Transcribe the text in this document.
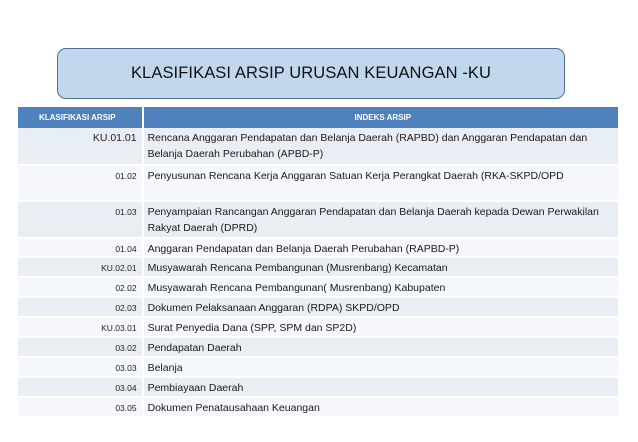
KLASIFIKASI ARSIP URUSAN KEUANGAN -KU
KLASIFIKASI ARSIP	INDEKS ARSIP
KU.01.01	Rencana Anggaran Pendapatan dan Belanja Daerah (RAPBD) dan Anggaran Pendapatan dan Belanja Daerah Perubahan (APBD-P)
01.02	Penyusunan Rencana Kerja Anggaran Satuan Kerja Perangkat Daerah (RKA-SKPD/OPD
01.03	Penyampaian Rancangan Anggaran Pendapatan dan Belanja Daerah kepada Dewan Perwakilan Rakyat Daerah (DPRD)
01.04	Anggaran Pendapatan dan Belanja Daerah Perubahan (RAPBD-P)
KU.02.01	Musyawarah Rencana Pembangunan (Musrenbang) Kecamatan
02.02	Musyawarah Rencana Pembangunan( Musrenbang) Kabupaten
02.03	Dokumen Pelaksanaan Anggaran (RDPA) SKPD/OPD
KU.03.01	Surat Penyedia Dana (SPP, SPM dan SP2D)
03.02	Pendapatan Daerah
03.03	Belanja
03.04	Pembiayaan Daerah
03.05	Dokumen Penatausahaan Keuangan
